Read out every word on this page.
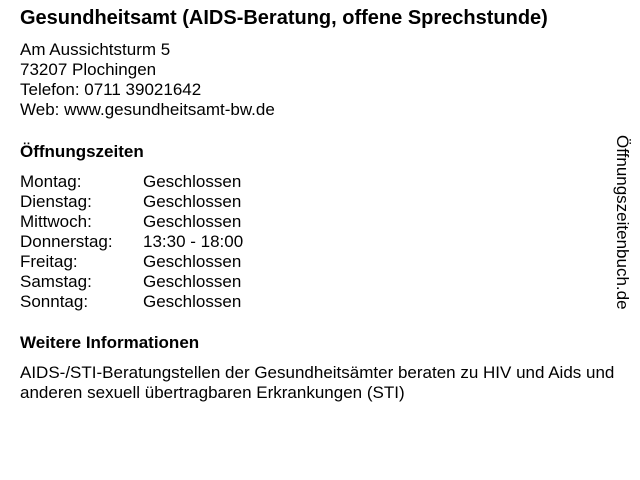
Gesundheitsamt (AIDS-Beratung, offene Sprechstunde)
Am Aussichtsturm 5
73207 Plochingen
Telefon: 0711 39021642
Web: www.gesundheitsamt-bw.de
Öffnungszeiten
Montag:	Geschlossen
Dienstag:	Geschlossen
Mittwoch:	Geschlossen
Donnerstag:	13:30 - 18:00
Freitag:	Geschlossen
Samstag:	Geschlossen
Sonntag:	Geschlossen
Weitere Informationen
AIDS-/STI-Beratungstellen der Gesundheitsämter beraten zu HIV und Aids und anderen sexuell übertragbaren Erkrankungen (STI)
Öffnungszeitenbuch.de
